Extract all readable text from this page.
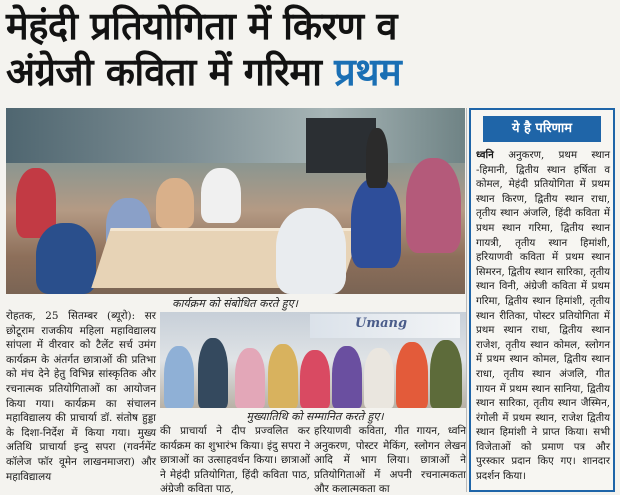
मेहंदी प्रतियोगिता में किरण व
अंग्रेजी कविता में गरिमा प्रथम
कार्यक्रम को संबोधित करते हुए।
रोहतक, 25 सितम्बर (ब्यूरो): सर छोटूराम राजकीय महिला महाविद्यालय सांपला में वीरवार को टैलेंट सर्च उमंग कार्यक्रम के अंतर्गत छात्राओं की प्रतिभा को मंच देने हेतु विभिन्न सांस्कृतिक और रचनात्मक प्रतियोगिताओं का आयोजन किया गया। कार्यक्रम का संचालन महाविद्यालय की प्राचार्या डॉ. संतोष हुड्डा के दिशा-निर्देश में किया गया। मुख्य अतिथि प्राचार्या इन्दु सपरा (गवर्नमेंट कॉलेज फॉर वूमेन लाखनमाजरा) और महाविद्यालय
Umang
मुख्यातिथि को सम्मानित करते हुए।
की प्राचार्या ने दीप प्रज्वलित कर कार्यक्रम का शुभारंभ किया। इंदु सपरा ने छात्राओं का उत्साहवर्धन किया। छात्राओं ने मेहंदी प्रतियोगिता, हिंदी कविता पाठ, अंग्रेजी कविता पाठ,
हरियाणवी कविता, गीत गायन, ध्वनि अनुकरण, पोस्टर मेकिंग, स्लोगन लेखन आदि में भाग लिया। छात्राओं ने प्रतियोगिताओं में अपनी रचनात्मकता और कलात्मकता का
ये है परिणाम
ध्वनि अनुकरण, प्रथम स्थान -हिमानी, द्वितीय स्थान हर्षिता व कोमल, मेहंदी प्रतियोगिता में प्रथम स्थान किरण, द्वितीय स्थान राधा, तृतीय स्थान अंजलि, हिंदी कविता में प्रथम स्थान गरिमा, द्वितीय स्थान गायत्री, तृतीय स्थान हिमांशी, हरियाणवी कविता में प्रथम स्थान सिमरन, द्वितीय स्थान सारिका, तृतीय स्थान विनी, अंग्रेजी कविता में प्रथम गरिमा, द्वितीय स्थान हिमांशी, तृतीय स्थान रीतिका, पोस्टर प्रतियोगिता में प्रथम स्थान राधा, द्वितीय स्थान राजेश, तृतीय स्थान कोमल, स्लोगन में प्रथम स्थान कोमल, द्वितीय स्थान राधा, तृतीय स्थान अंजलि, गीत गायन में प्रथम स्थान सानिया, द्वितीय स्थान सारिका, तृतीय स्थान जैस्मिन, रंगोली में प्रथम स्थान, राजेश द्वितीय स्थान हिमांशी ने प्राप्त किया। सभी विजेताओं को प्रमाण पत्र और पुरस्कार प्रदान किए गए। शानदार प्रदर्शन किया।
